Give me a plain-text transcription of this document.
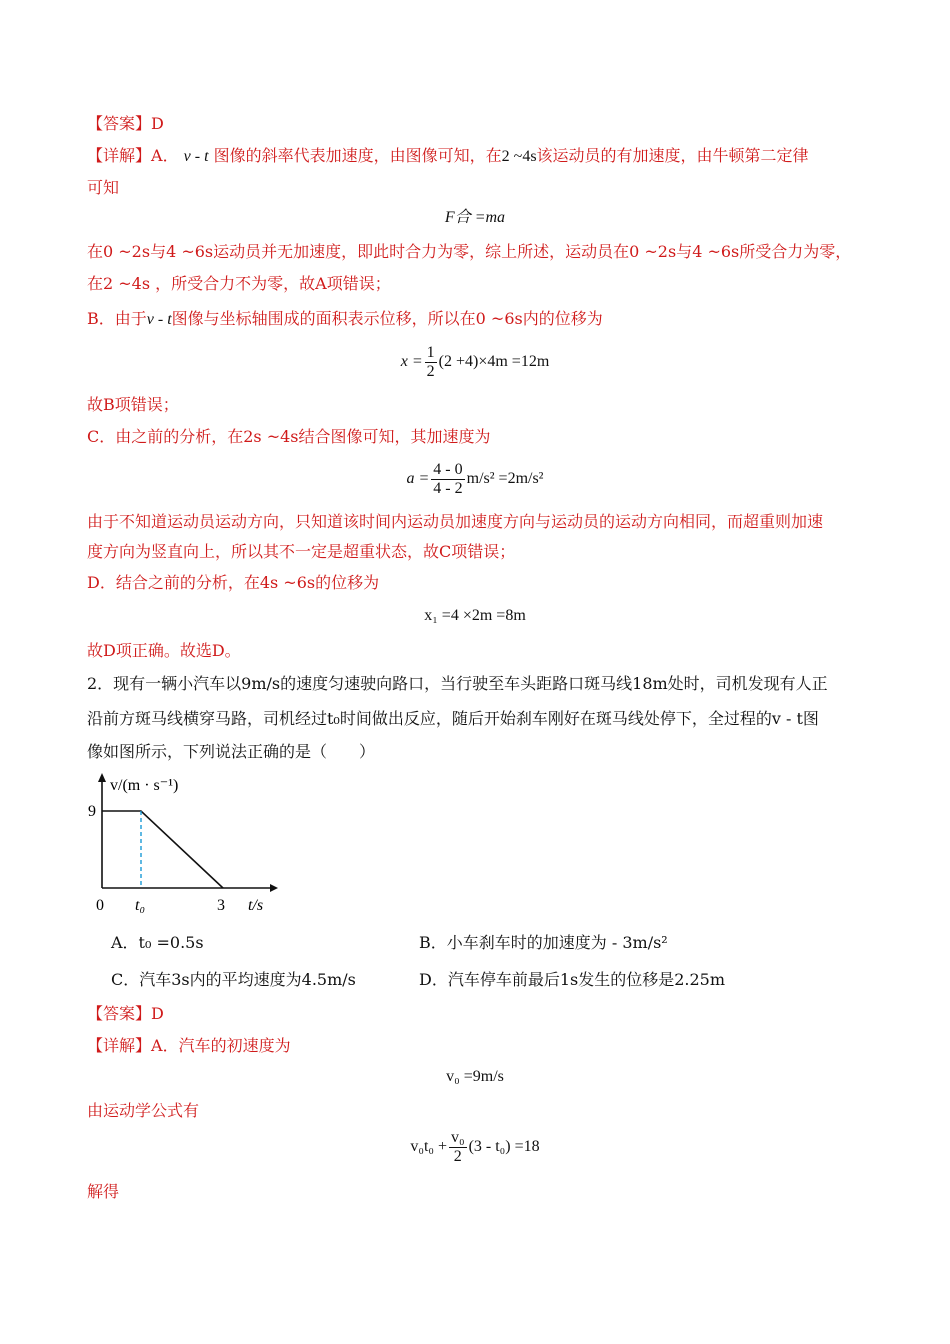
【答案】D
【详解】A． v - t 图像的斜率代表加速度，由图像可知，在2 ~4s该运动员的有加速度，由牛顿第二定律
可知
F合 =ma
在0 ~2s与4 ~6s运动员并无加速度，即此时合力为零，综上所述，运动员在0 ~2s与4 ~6s所受合力为零，
在2 ~4s ，所受合力不为零，故A项错误；
B．由于v - t图像与坐标轴围成的面积表示位移，所以在0 ~6s内的位移为
$x = \frac{1}{2} (2 +4)\times 4m =12m$
故B项错误；
C．由之前的分析，在2s ~4s结合图像可知，其加速度为
$a = \frac{4 - 0}{4 - 2} m/s^2 =2m/s^2$
由于不知道运动员运动方向，只知道该时间内运动员加速度方向与运动员的运动方向相同，而超重则加速
度方向为竖直向上，所以其不一定是超重状态，故C项错误；
D．结合之前的分析，在4s ~6s的位移为
x₁ =4 ×2m =8m
故D项正确。故选D。
2．现有一辆小汽车以9m/s的速度匀速驶向路口，当行驶至车头距路口斑马线18m处时，司机发现有人正
沿前方斑马线横穿马路，司机经过t₀时间做出反应，随后开始刹车刚好在斑马线处停下，全过程的v - t图
像如图所示，下列说法正确的是（　　）
v/(m · s⁻¹)
9
0 t₀	3 t/s
A．t₀ =0.5s	B．小车刹车时的加速度为 - 3m/s²
C．汽车3s内的平均速度为4.5m/s	D．汽车停车前最后1s发生的位移是2.25m
【答案】D
【详解】A．汽车的初速度为
v₀ =9m/s
由运动学公式有
$v_0t_0 + \frac{\text{v₀}}{2} (3 - t_0) =18$
解得
